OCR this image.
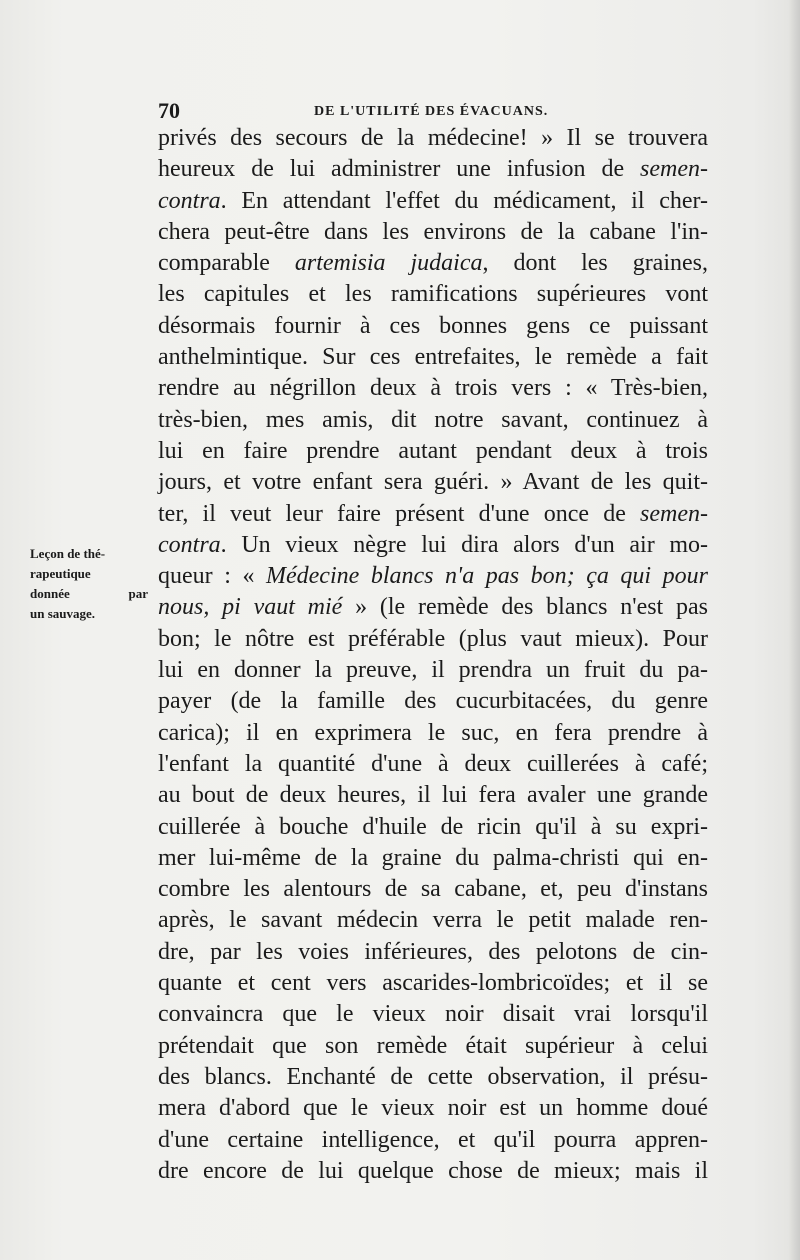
70	DE L'UTILITÉ DES ÉVACUANS.
Leçon de thé-
rapeutique
donnée par
un sauvage.
privés des secours de la médecine! » Il se trouvera
heureux de lui administrer une infusion de semen-
contra. En attendant l'effet du médicament, il cher-
chera peut-être dans les environs de la cabane l'in-
comparable artemisia judaica, dont les graines,
les capitules et les ramifications supérieures vont
désormais fournir à ces bonnes gens ce puissant
anthelmintique. Sur ces entrefaites, le remède a fait
rendre au négrillon deux à trois vers : « Très-bien,
très-bien, mes amis, dit notre savant, continuez à
lui en faire prendre autant pendant deux à trois
jours, et votre enfant sera guéri. » Avant de les quit-
ter, il veut leur faire présent d'une once de semen-
contra. Un vieux nègre lui dira alors d'un air mo-
queur : « Médecine blancs n'a pas bon; ça qui pour
nous, pi vaut mié » (le remède des blancs n'est pas
bon; le nôtre est préférable (plus vaut mieux). Pour
lui en donner la preuve, il prendra un fruit du pa-
payer (de la famille des cucurbitacées, du genre
carica); il en exprimera le suc, en fera prendre à
l'enfant la quantité d'une à deux cuillerées à café;
au bout de deux heures, il lui fera avaler une grande
cuillerée à bouche d'huile de ricin qu'il à su expri-
mer lui-même de la graine du palma-christi qui en-
combre les alentours de sa cabane, et, peu d'instans
après, le savant médecin verra le petit malade ren-
dre, par les voies inférieures, des pelotons de cin-
quante et cent vers ascarides-lombricoïdes; et il se
convaincra que le vieux noir disait vrai lorsqu'il
prétendait que son remède était supérieur à celui
des blancs. Enchanté de cette observation, il présu-
mera d'abord que le vieux noir est un homme doué
d'une certaine intelligence, et qu'il pourra appren-
dre encore de lui quelque chose de mieux; mais il
